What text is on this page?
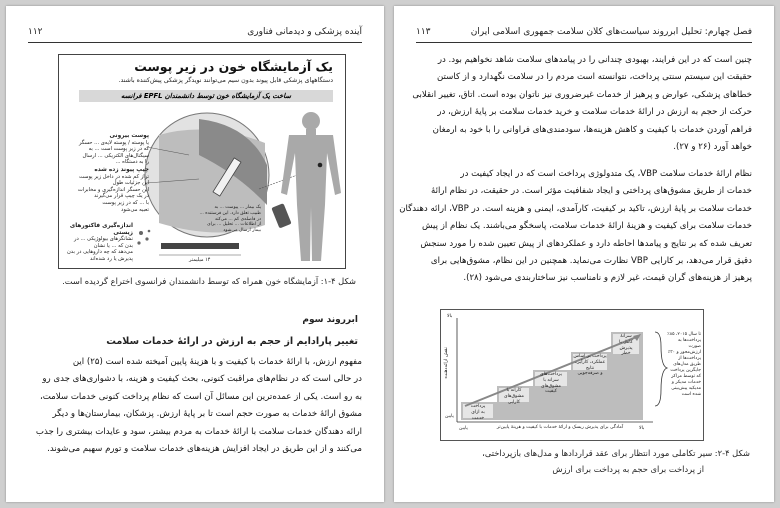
۱۱۲	آینده پزشکی و دیدمانی فناوری
یک آزمایشگاه خون در زیر پوست
دستگاههای پزشکی قابل پیوند بدون سیم می‌توانند نویدگر پزشکی پیش‌کننده باشند.
ساخت یک آزمایشگاه خون توسط دانشمندان EPFL فرانسه
پوست بیرونی
یا پوسته / پوسته لایه‌ی ... حسگر
که در زیر پوست است ... به
سیگنال‌های الکتریکی ... ارسال
را به دستگاه ...
چیپ پیوند زده شده
تراز کم شده در داخل زیر پوست
این جزئیات طول
این حسگر اندازه‌گیری و مخابرات
در یک چیپ قرار می‌گیرند
با ... که در زیر پوست
تعبیه می‌شود	یک بیمار ... پیوست ... به
طبیب تعلق دارد. این فرستنده ...
در فاصله‌ی کم ... می‌کند
از اطلاعات ... تحلیل ... برای
بیمار ارسال می‌شود
اندازه‌گیری فاکتورهای زیستی
نشانگرهای بیولوژیکی ... در
بدن که ... یا نشان
می‌دهد که چه داروهایی در بدن
پذیرش یا رد شده‌اند	۱۴ میلیمتر
شکل ۴-۱: آزمایشگاه خون همراه که توسط دانشمندان فرانسوی اختراع گردیده است.
ابرروند سوم
تغییر پارادایم از حجم به ارزش در ارائهٔ خدمات سلامت
مفهوم ارزش، با ارائهٔ خدمات با کیفیت و با هزینهٔ پایین آمیخته شده است (۲۵) این
در حالی است که در نظام‌های مراقبت کنونی، بحث کیفیت و هزینه، با دشواری‌های جدی رو
به رو است. یکی از عمده‌ترین این مسائل آن است که نظام پرداخت کنونی خدمات سلامت،
مشوق ارائهٔ خدمات به صورت حجم است تا بر پایهٔ ارزش. پزشکان، بیمارستان‌ها و دیگر
ارائه دهندگان خدمات سلامت با ارائهٔ خدمات به مردم بیشتر، سود و عایدات بیشتری را جذب
می‌کنند و از این طریق در ایجاد افزایش هزینه‌های خدمات سلامت و تورم سهیم می‌شوند.
۱۱۳	فصل چهارم: تحلیل ابرروند سیاست‌های کلان سلامت جمهوری اسلامی ایران
چنین است که در این فرایند، بهبودی چندانی را در پیامدهای سلامت شاهد نخواهیم بود. در
حقیقت این سیستم سنتی پرداخت، نتوانسته است مردم را در سلامت نگهدارد و از کاستن
خطاهای پزشکی، عوارض و پرهیز از خدمات غیرضروری نیز ناتوان بوده است. اتاق، تغییر انقلابی
حرکت از حجم به ارزش در ارائهٔ خدمات سلامت و خرید خدمات سلامت بر پایهٔ ارزش، در
فراهم آوردن خدمات با کیفیت و کاهش هزینه‌ها، سودمندی‌های فراوانی را با خود به ارمغان
خواهد آورد (۲۶ و ۲۷).
نظام ارائهٔ خدمات سلامت VBP، یک متدولوژی پرداخت است که در ایجاد کیفیت در
خدمات از طریق مشوق‌های پرداختی و ایجاد شفافیت مؤثر است. در حقیقت، در نظام ارائهٔ
خدمات سلامت بر پایهٔ ارزش، تاکید بر کیفیت، کارآمدی، ایمنی و هزینه است. در VBP، ارائه دهندگان
خدمات سلامت برای کیفیت و هزینهٔ ارائهٔ خدمات سلامت، پاسخگو می‌باشند. یک نظام از پیش
تعریف شده که بر نتایج و پیامدها احاطه دارد و عملکردهای از پیش تعیین شده را مورد سنجش
دقیق قرار می‌دهد، بر کارایی VBP نظارت می‌نماید. همچنین در این نظام، مشوق‌هایی برای
پرهیز از هزینه‌های گران قیمت، غیر لازم و نامناسب نیز ساختاربندی می‌شود (۲۸).
نقش ارائه‌دهنده
بالا
پایین
پایین	بالا
آمادگی برای پذیرش ریسک و ارائهٔ خدمات با کیفیت و هزینهٔ پایین‌تر
پرداخت
به ازای
خدمت
کارانه با
مشوق‌های
کارایی
پرداخت‌های
سرانه با مشوق‌های
کیفیت
پرداخت بر اساس
عملکرد، کارآیی، نتایج
و صرفه‌جویی
سرانهٔ
کامل با
پذیرش
خطر
تا سال ۲۰۱۵، ۸۵٪ پرداخت‌ها به صورت ارزش‌محور و ۳۰٪ پرداخت‌ها از طریق مدل‌های جایگزین پرداخت که توسط مراکز خدمات مدیکر و مدیکید پیش‌بینی شده است
شکل ۴-۲: سیر تکاملی مورد انتظار برای عقد قراردادها و مدل‌های بازپرداختی،
از پرداخت برای حجم به پرداخت برای ارزش
